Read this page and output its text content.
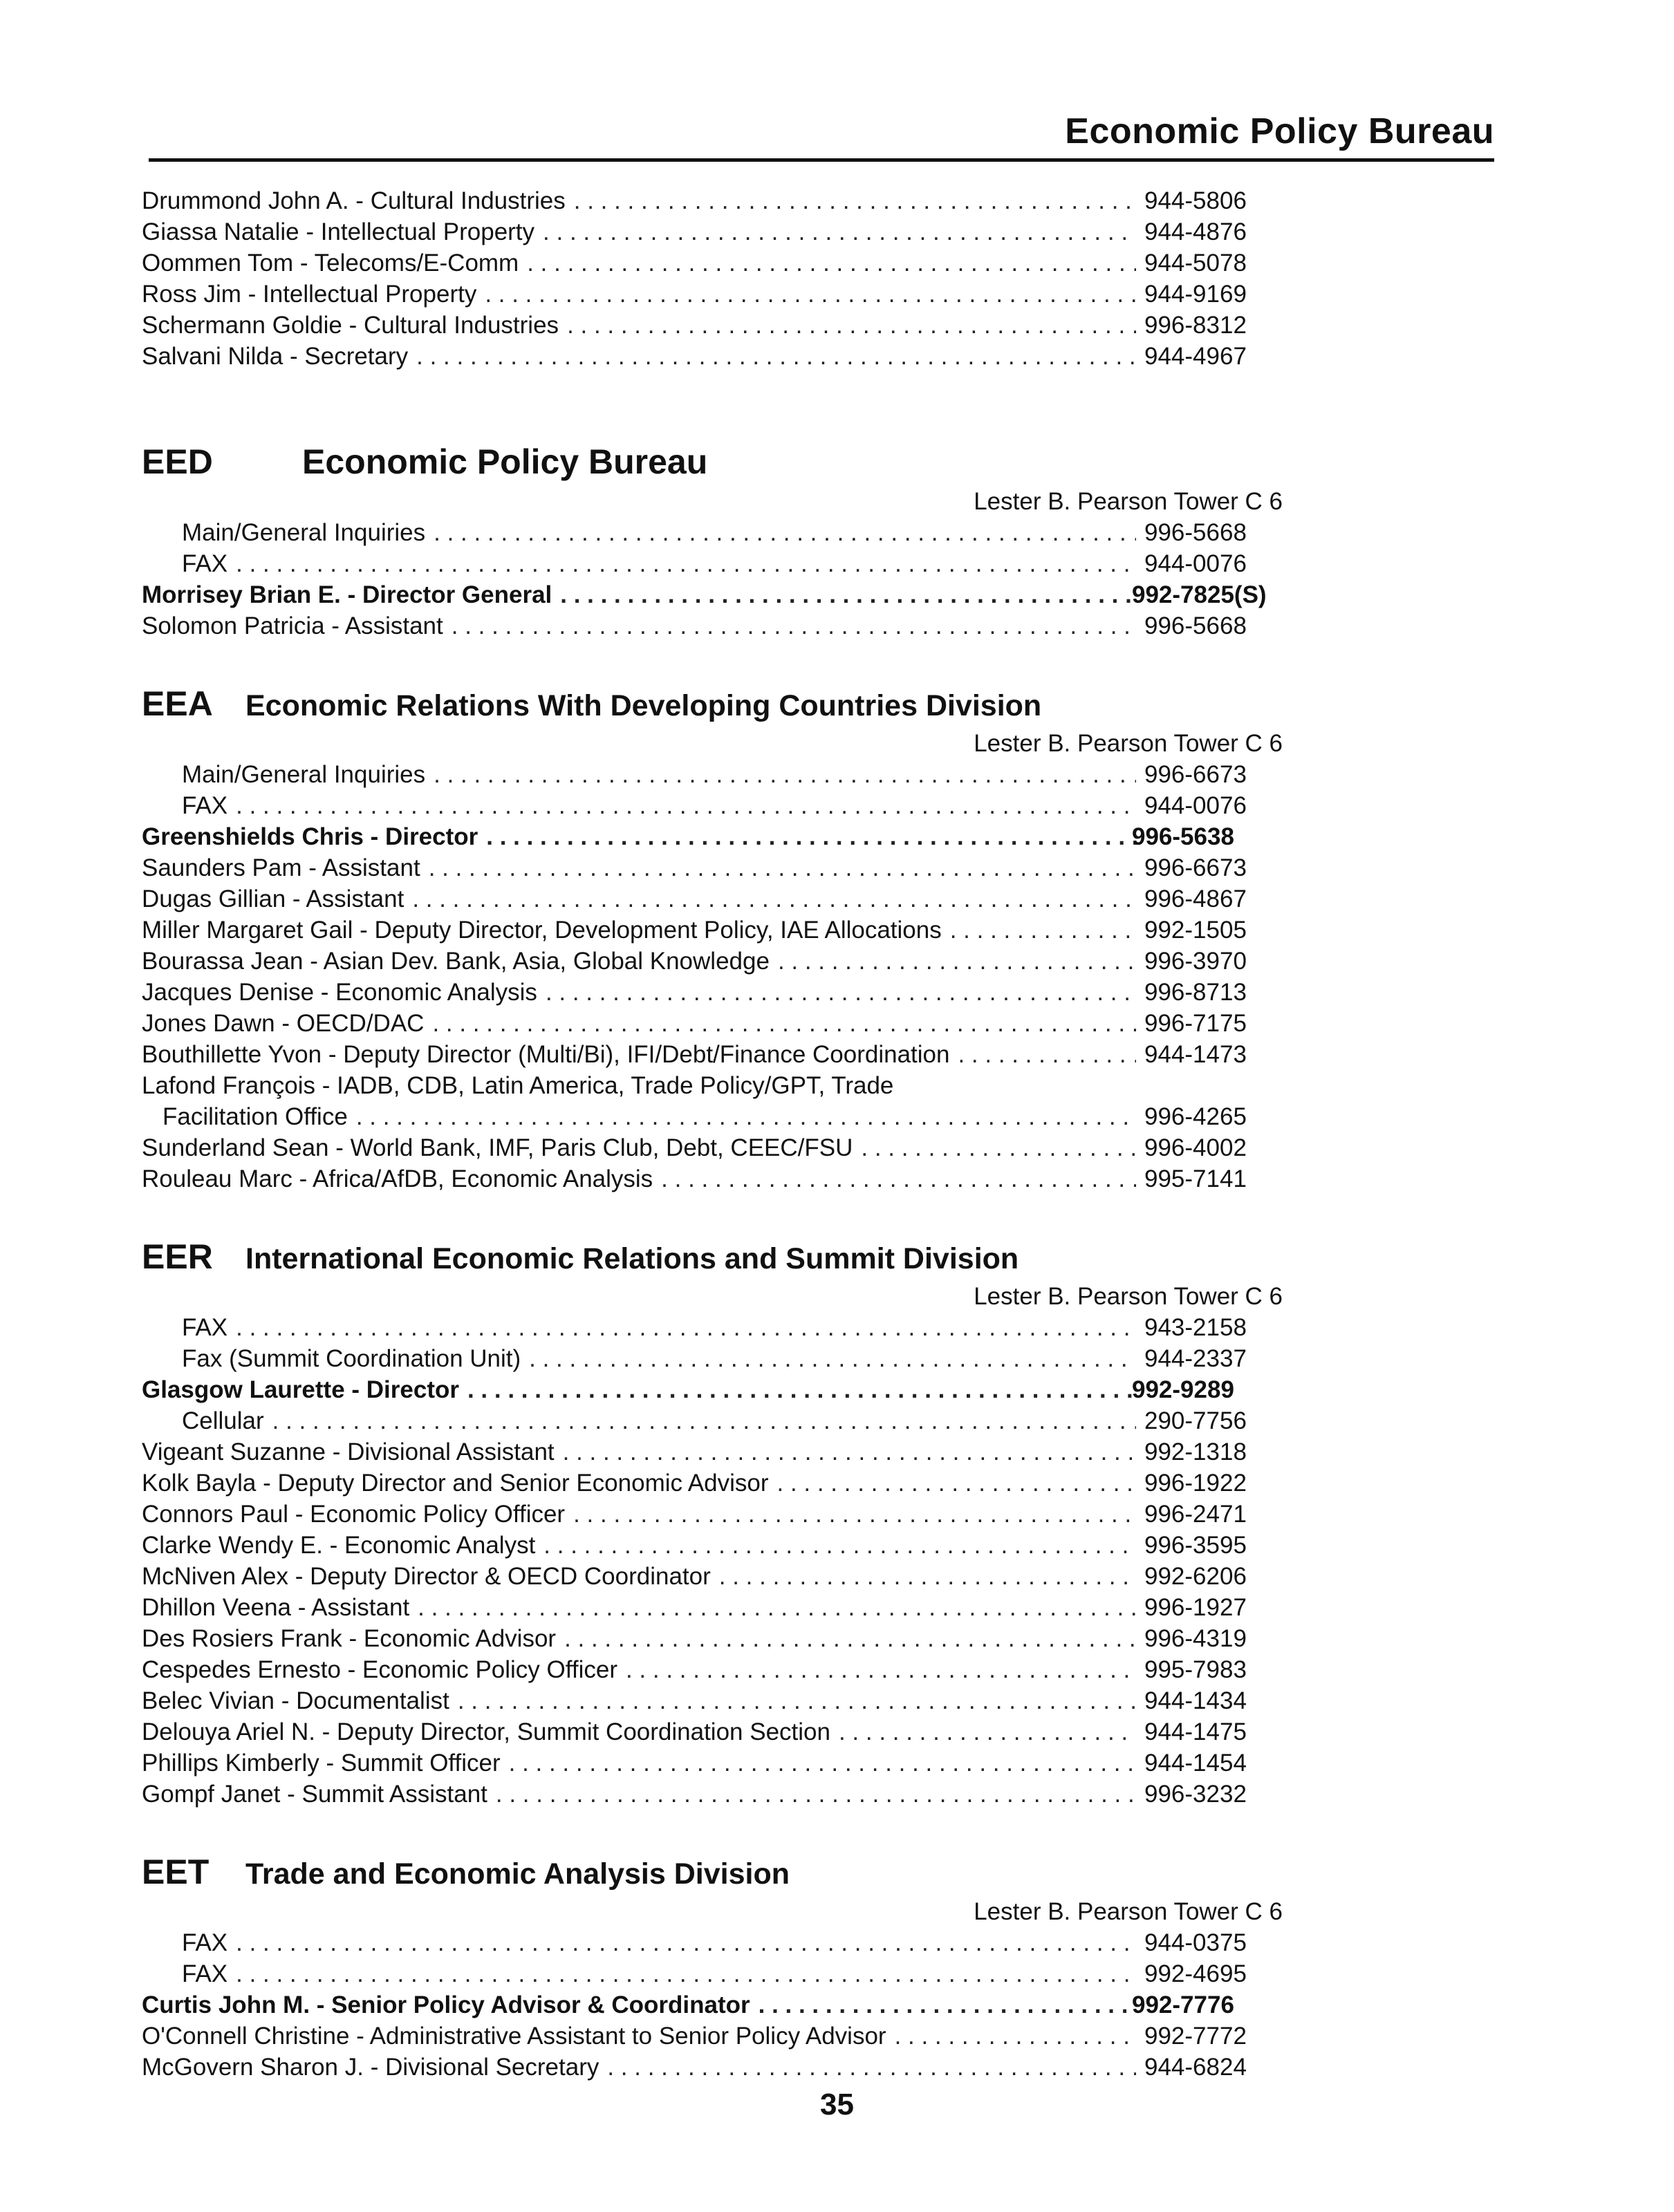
Economic Policy Bureau
Drummond John A. - Cultural Industries . . .	944-5806
Giassa Natalie - Intellectual Property . . .	944-4876
Oommen Tom - Telecoms/E-Comm . . .	944-5078
Ross Jim - Intellectual Property . . .	944-9169
Schermann Goldie - Cultural Industries . . .	996-8312
Salvani Nilda - Secretary . . .	944-4967
EED	Economic Policy Bureau
Lester B. Pearson Tower C 6
Main/General Inquiries . . .	996-5668
FAX . . .	944-0076
Morrisey Brian E. - Director General . . .	992-7825(S)
Solomon Patricia - Assistant . . .	996-5668
EEA	Economic Relations With Developing Countries Division
Lester B. Pearson Tower C 6
Main/General Inquiries . . .	996-6673
FAX . . .	944-0076
Greenshields Chris - Director . . .	996-5638
Saunders Pam - Assistant . . .	996-6673
Dugas Gillian - Assistant . . .	996-4867
Miller Margaret Gail - Deputy Director, Development Policy, IAE Allocations . . .	992-1505
Bourassa Jean - Asian Dev. Bank, Asia, Global Knowledge . . .	996-3970
Jacques Denise - Economic Analysis . . .	996-8713
Jones Dawn - OECD/DAC . . .	996-7175
Bouthillette Yvon - Deputy Director (Multi/Bi), IFI/Debt/Finance Coordination . . .	944-1473
Lafond François - IADB, CDB, Latin America, Trade Policy/GPT, Trade
Facilitation Office . . .	996-4265
Sunderland Sean - World Bank, IMF, Paris Club, Debt, CEEC/FSU . . .	996-4002
Rouleau Marc - Africa/AfDB, Economic Analysis . . .	995-7141
EER	International Economic Relations and Summit Division
Lester B. Pearson Tower C 6
FAX . . .	943-2158
Fax (Summit Coordination Unit) . . .	944-2337
Glasgow Laurette - Director . . .	992-9289
Cellular . . .	290-7756
Vigeant Suzanne - Divisional Assistant . . .	992-1318
Kolk Bayla - Deputy Director and Senior Economic Advisor . . .	996-1922
Connors Paul - Economic Policy Officer . . .	996-2471
Clarke Wendy E. - Economic Analyst . . .	996-3595
McNiven Alex - Deputy Director & OECD Coordinator . . .	992-6206
Dhillon Veena - Assistant . . .	996-1927
Des Rosiers Frank - Economic Advisor . . .	996-4319
Cespedes Ernesto - Economic Policy Officer . . .	995-7983
Belec Vivian - Documentalist . . .	944-1434
Delouya Ariel N. - Deputy Director, Summit Coordination Section . . .	944-1475
Phillips Kimberly - Summit Officer . . .	944-1454
Gompf Janet - Summit Assistant . . .	996-3232
EET	Trade and Economic Analysis Division
Lester B. Pearson Tower C 6
FAX . . .	944-0375
FAX . . .	992-4695
Curtis John M. - Senior Policy Advisor & Coordinator . . .	992-7776
O'Connell Christine - Administrative Assistant to Senior Policy Advisor . . .	992-7772
McGovern Sharon J. - Divisional Secretary . . .	944-6824
35
